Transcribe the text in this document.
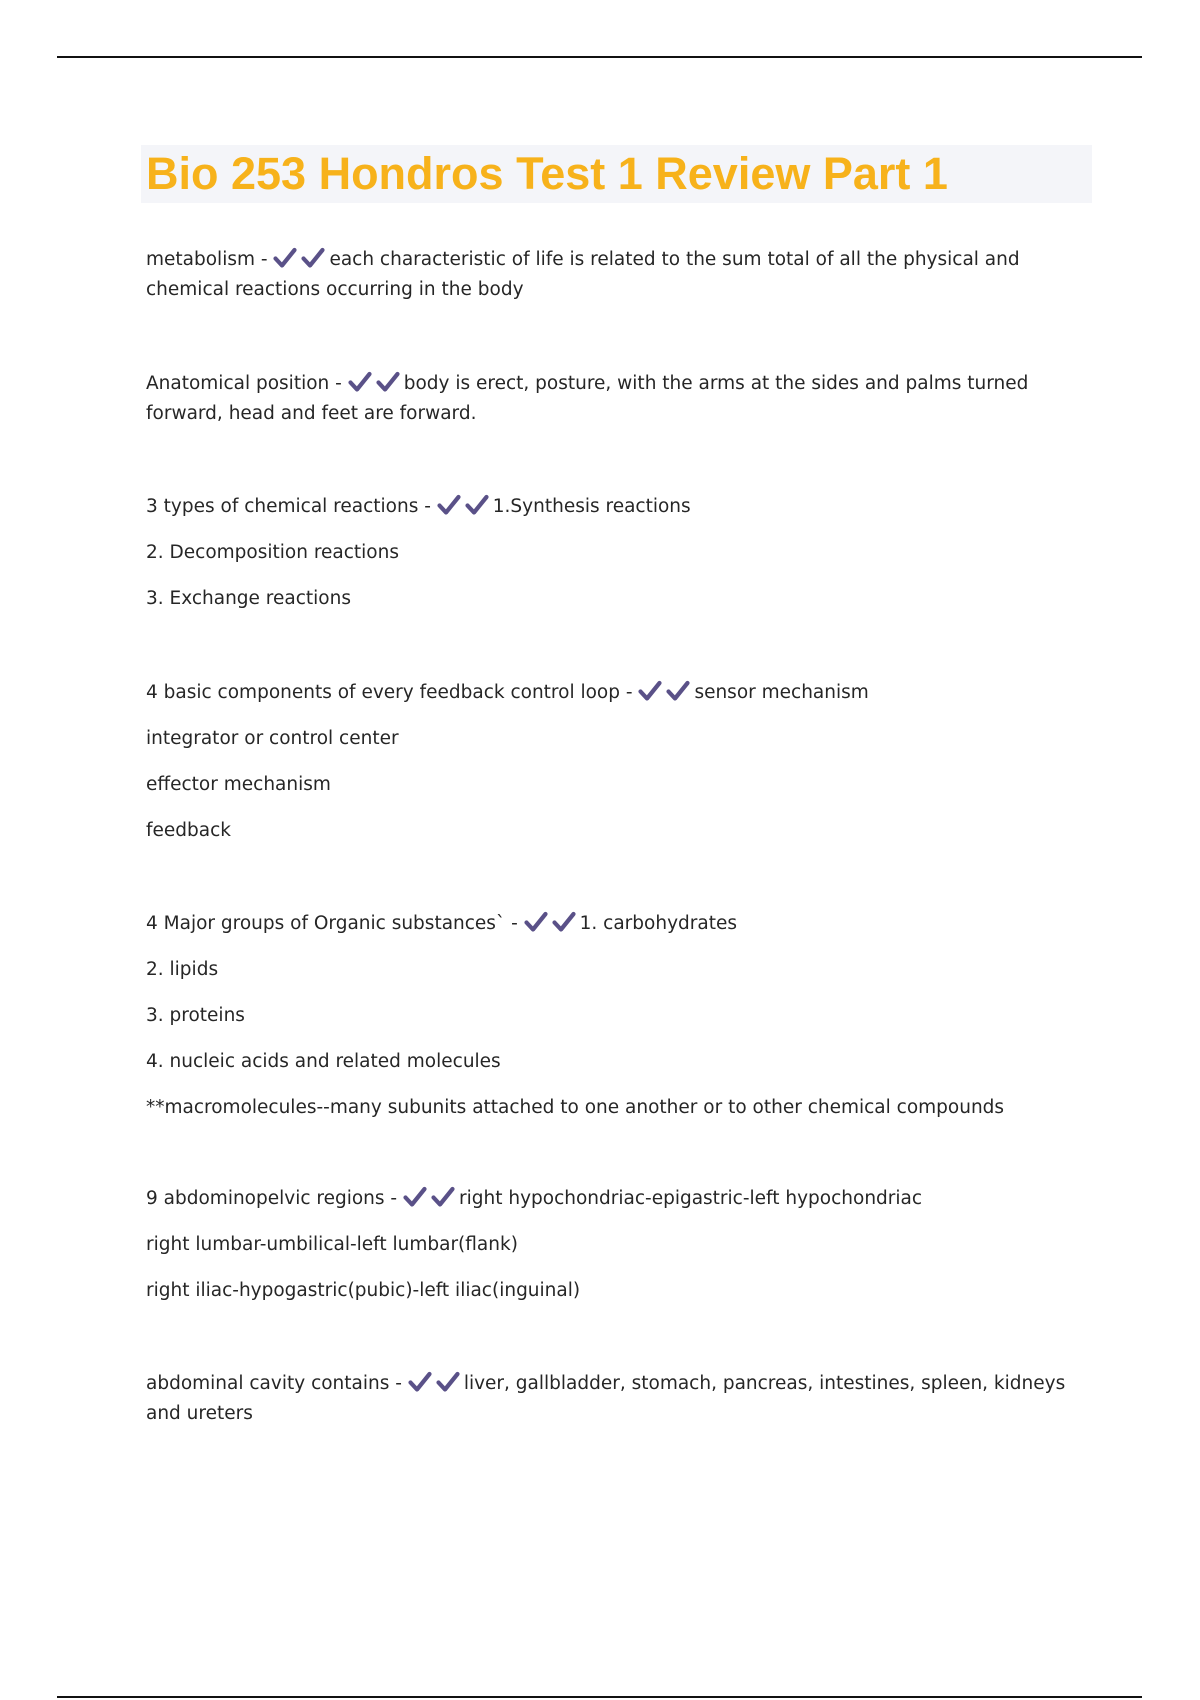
Bio 253 Hondros Test 1 Review Part 1

metabolism -	each characteristic of life is related to the sum total of all the physical and chemical reactions occurring in the body

Anatomical position -	body is erect, posture, with the arms at the sides and palms turned forward, head and feet are forward.

3 types of chemical reactions -	1.Synthesis reactions

2. Decomposition reactions

3. Exchange reactions

4 basic components of every feedback control loop -	sensor mechanism

integrator or control center

effector mechanism

feedback

4 Major groups of Organic substances` -	1. carbohydrates

2. lipids

3. proteins

4. nucleic acids and related molecules

**macromolecules--many subunits attached to one another or to other chemical compounds

9 abdominopelvic regions -	right hypochondriac-epigastric-left hypochondriac

right lumbar-umbilical-left lumbar(flank)

right iliac-hypogastric(pubic)-left iliac(inguinal)

abdominal cavity contains -	liver, gallbladder, stomach, pancreas, intestines, spleen, kidneys and ureters
